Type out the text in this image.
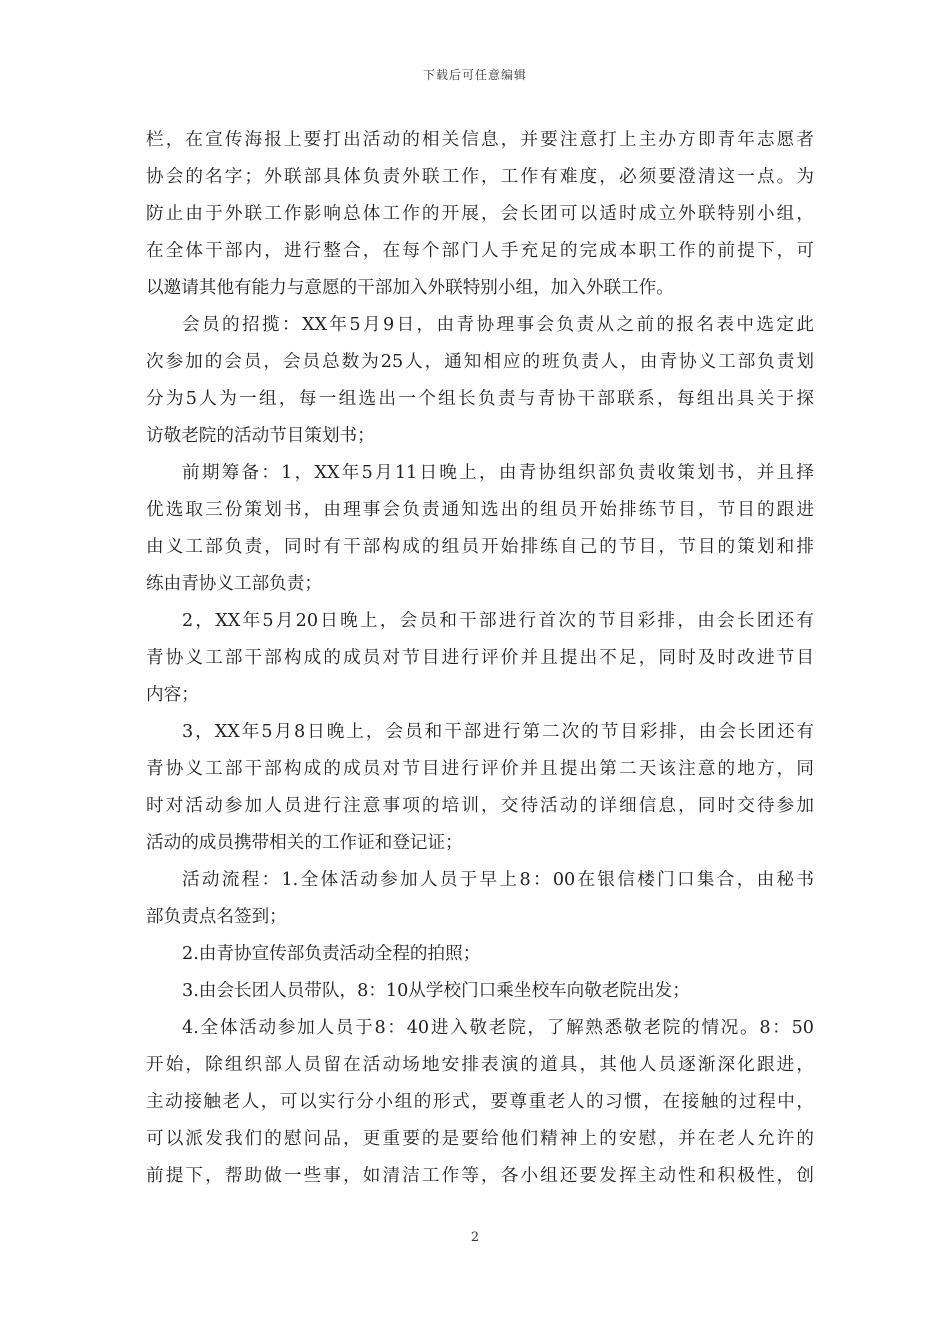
下载后可任意编辑
栏，在宣传海报上要打出活动的相关信息，并要注意打上主办方即青年志愿者
协会的名字；外联部具体负责外联工作，工作有难度，必须要澄清这一点。为
防止由于外联工作影响总体工作的开展，会长团可以适时成立外联特别小组，
在全体干部内，进行整合，在每个部门人手充足的完成本职工作的前提下，可
以邀请其他有能力与意愿的干部加入外联特别小组，加入外联工作。
会员的招揽：XX年5月9日，由青协理事会负责从之前的报名表中选定此
次参加的会员，会员总数为25人，通知相应的班负责人，由青协义工部负责划
分为5人为一组，每一组选出一个组长负责与青协干部联系，每组出具关于探
访敬老院的活动节目策划书；
前期筹备：1，XX年5月11日晚上，由青协组织部负责收策划书，并且择
优选取三份策划书，由理事会负责通知选出的组员开始排练节目，节目的跟进
由义工部负责，同时有干部构成的组员开始排练自己的节目，节目的策划和排
练由青协义工部负责；
2，XX年5月20日晚上，会员和干部进行首次的节目彩排，由会长团还有
青协义工部干部构成的成员对节目进行评价并且提出不足，同时及时改进节目
内容；
3，XX年5月8日晚上，会员和干部进行第二次的节目彩排，由会长团还有
青协义工部干部构成的成员对节目进行评价并且提出第二天该注意的地方，同
时对活动参加人员进行注意事项的培训，交待活动的详细信息，同时交待参加
活动的成员携带相关的工作证和登记证；
活动流程：1.全体活动参加人员于早上8：00在银信楼门口集合，由秘书
部负责点名签到；
2.由青协宣传部负责活动全程的拍照；
3.由会长团人员带队，8：10从学校门口乘坐校车向敬老院出发；
4.全体活动参加人员于8：40进入敬老院，了解熟悉敬老院的情况。8：50
开始，除组织部人员留在活动场地安排表演的道具，其他人员逐渐深化跟进，
主动接触老人，可以实行分小组的形式，要尊重老人的习惯，在接触的过程中，
可以派发我们的慰问品，更重要的是要给他们精神上的安慰，并在老人允许的
前提下，帮助做一些事，如清洁工作等，各小组还要发挥主动性和积极性，创
2
